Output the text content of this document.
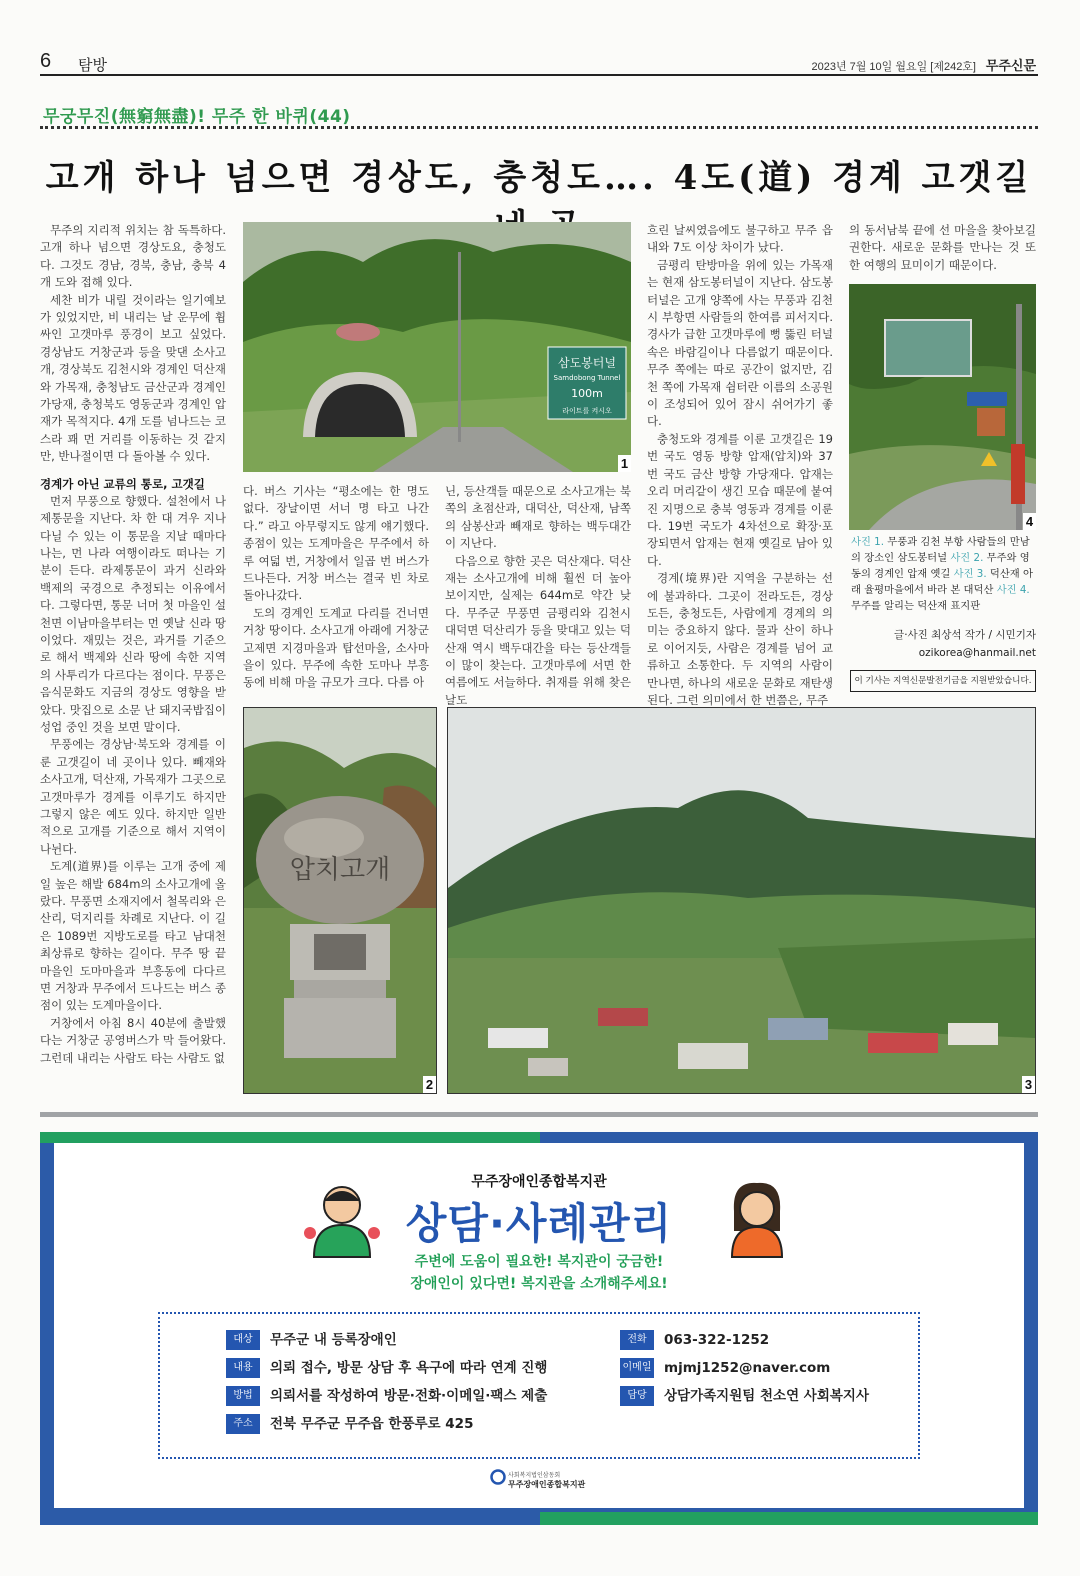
6 탐방	2023년 7월 10일 월요일 [제242호] 무주신문
무궁무진(無窮無盡)! 무주 한 바퀴(44)
고개 하나 넘으면 경상도, 충청도…. 4도(道) 경계 고갯길

무주의 지리적 위치는 참 독특하다. 고개 하나 넘으면 경상도요, 충청도다. 그것도 경남, 경북, 충남, 충북 4개 도와 접해 있다.

세찬 비가 내릴 것이라는 일기예보가 있었지만, 비 내리는 날 운무에 휩싸인 고갯마루 풍경이 보고 싶었다. 경상남도 거창군과 등을 맞댄 소사고개, 경상북도 김천시와 경계인 덕산재와 가목재, 충청남도 금산군과 경계인 가당재, 충청북도 영동군과 경계인 압재가 목적지다. 4개 도를 넘나드는 코스라 꽤 먼 거리를 이동하는 것 같지만, 반나절이면 다 돌아볼 수 있다.

경계가 아닌 교류의 통로, 고갯길

먼저 무풍으로 향했다. 설천에서 나제통문을 지난다. 차 한 대 겨우 지나다닐 수 있는 이 통문을 지날 때마다 나는, 먼 나라 여행이라도 떠나는 기분이 든다. 라제통문이 과거 신라와 백제의 국경으로 추정되는 이유에서다. 그렇다면, 통문 너머 첫 마을인 설천면 이남마을부터는 먼 옛날 신라 땅이었다. 재밌는 것은, 과거를 기준으로 해서 백제와 신라 땅에 속한 지역의 사투리가 다르다는 점이다. 무풍은 음식문화도 지금의 경상도 영향을 받았다. 맛집으로 소문 난 돼지국밥집이 성업 중인 것을 보면 말이다.

무풍에는 경상남·북도와 경계를 이룬 고갯길이 네 곳이나 있다. 빼재와 소사고개, 덕산재, 가목재가 그곳으로 고갯마루가 경계를 이루기도 하지만 그렇지 않은 예도 있다. 하지만 일반적으로 고개를 기준으로 해서 지역이 나뉜다.

도계(道界)를 이루는 고개 중에 제일 높은 해발 684m의 소사고개에 올랐다. 무풍면 소재지에서 철목리와 은산리, 덕지리를 차례로 지난다. 이 길은 1089번 지방도로를 타고 남대천 최상류로 향하는 길이다. 무주 땅 끝마을인 도마마을과 부흥동에 다다르면 거창과 무주에서 드나드는 버스 종점이 있는 도계마을이다.

거창에서 아침 8시 40분에 출발했다는 거창군 공영버스가 막 들어왔다. 그런데 내리는 사람도 타는 사람도 없

삼도봉터널
Samdobong Tunnel
100m
라이트를 켜시오
1

다. 버스 기사는 “평소에는 한 명도 없다. 장날이면 서너 명 타고 나간다.” 라고 아무렇지도 않게 얘기했다. 종점이 있는 도계마을은 무주에서 하루 여덟 번, 거창에서 일곱 번 버스가 드나든다. 거창 버스는 결국 빈 차로 돌아나갔다.

도의 경계인 도계교 다리를 건너면 거창 땅이다. 소사고개 아래에 거창군 고제면 지경마을과 탑선마을, 소사마을이 있다. 무주에 속한 도마나 부흥동에 비해 마을 규모가 크다. 다름 아

닌, 등산객들 때문으로 소사고개는 북쪽의 초점산과, 대덕산, 덕산재, 남쪽의 삼봉산과 빼재로 향하는 백두대간이 지난다.

다음으로 향한 곳은 덕산재다. 덕산재는 소사고개에 비해 훨씬 더 높아 보이지만, 실제는 644m로 약간 낮다. 무주군 무풍면 금평리와 김천시 대덕면 덕산리가 등을 맞대고 있는 덕산재 역시 백두대간을 타는 등산객들이 많이 찾는다. 고갯마루에 서면 한여름에도 서늘하다. 취재를 위해 찾은 날도

흐린 날씨였음에도 불구하고 무주 읍내와 7도 이상 차이가 났다.

금평리 탄방마을 위에 있는 가목재는 현재 삼도봉터널이 지난다. 삼도봉터널은 고개 양쪽에 사는 무풍과 김천시 부항면 사람들의 한여름 피서지다. 경사가 급한 고갯마루에 뻥 뚫린 터널 속은 바람길이나 다름없기 때문이다. 무주 쪽에는 따로 공간이 없지만, 김천 쪽에 가목재 쉼터란 이름의 소공원이 조성되어 있어 잠시 쉬어가기 좋다.

충청도와 경계를 이룬 고갯길은 19번 국도 영동 방향 압재(압치)와 37번 국도 금산 방향 가당재다. 압재는 오리 머리같이 생긴 모습 때문에 붙여진 지명으로 충북 영동과 경계를 이룬다. 19번 국도가 4차선으로 확장·포장되면서 압재는 현재 옛길로 남아 있다.

경계(境界)란 지역을 구분하는 선에 불과하다. 그곳이 전라도든, 경상도든, 충청도든, 사람에게 경계의 의미는 중요하지 않다. 물과 산이 하나로 이어지듯, 사람은 경계를 넘어 교류하고 소통한다. 두 지역의 사람이 만나면, 하나의 새로운 문화로 재탄생된다. 그런 의미에서 한 번쯤은, 무주

의 동서남북 끝에 선 마을을 찾아보길 권한다. 새로운 문화를 만나는 것 또한 여행의 묘미이기 때문이다.

4
사진 1. 무풍과 김천 부항 사람들의 만남의 장소인 삼도봉터널 사진 2. 무주와 영동의 경계인 압재 옛길 사진 3. 덕산재 아래 율평마을에서 바라 본 대덕산 사진 4. 무주를 알리는 덕산재 표지판
글·사진 최상석 작가 / 시민기자
ozikorea@hanmail.net
이 기사는 지역신문발전기금을 지원받았습니다.
압치고개
2	3
무주장애인종합복지관
상담·사례관리
주변에 도움이 필요한! 복지관이 궁금한!
장애인이 있다면! 복지관을 소개해주세요!
대상 무주군 내 등록장애인
내용 의뢰 접수, 방문 상담 후 욕구에 따라 연계 진행
방법 의뢰서를 작성하여 방문·전화·이메일·팩스 제출
주소 전북 무주군 무주읍 한풍루로 425
전화 063-322-1252
이메일 mjmj1252@naver.com
담당 상담가족지원팀 천소연 사회복지사
사회복지법인삼동회
무주장애인종합복지관
